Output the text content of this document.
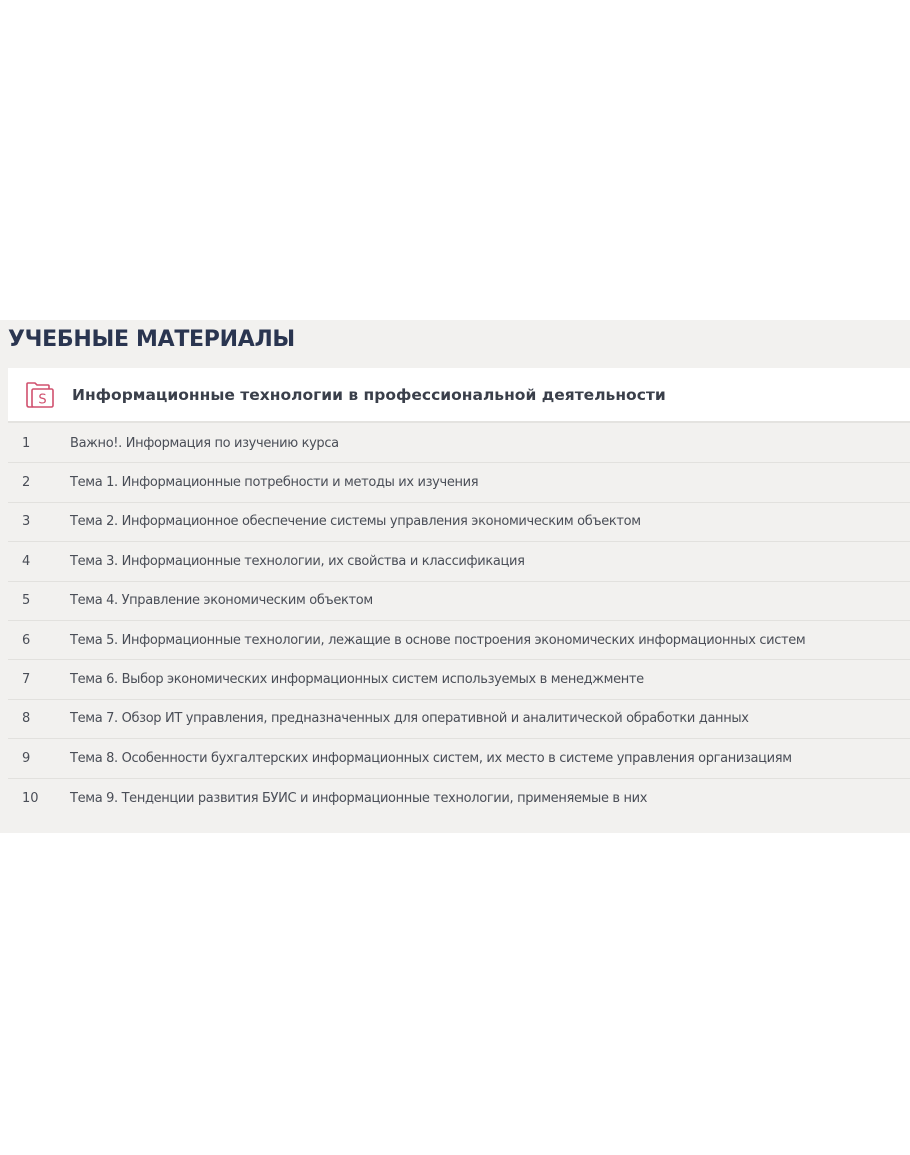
УЧЕБНЫЕ МАТЕРИАЛЫ
S Информационные технологии в профессиональной деятельности
1	Важно!. Информация по изучению курса
2	Тема 1. Информационные потребности и методы их изучения
3	Тема 2. Информационное обеспечение системы управления экономическим объектом
4	Тема 3. Информационные технологии, их свойства и классификация
5	Тема 4. Управление экономическим объектом
6	Тема 5. Информационные технологии, лежащие в основе построения экономических информационных систем
7	Тема 6. Выбор экономических информационных систем используемых в менеджменте
8	Тема 7. Обзор ИТ управления, предназначенных для оперативной и аналитической обработки данных
9	Тема 8. Особенности бухгалтерских информационных систем, их место в системе управления организациям
10	Тема 9. Тенденции развития БУИС и информационные технологии, применяемые в них
